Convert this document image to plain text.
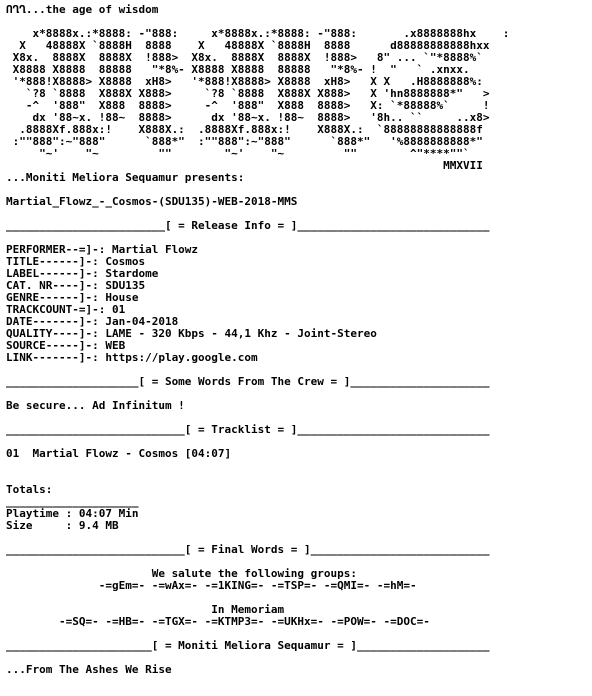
ՈՂՂ...the age of wisdom

x*8888x.:*8888: -"888:     x*8888x.:*8888: -"888:       .x8888888hx    :
X   48888X `8888H  8888    X   48888X `8888H  8888      d88888888888hxx
X8x.  8888X  8888X  !888>  X8x.  8888X  8888X  !888>   8" ... `"*8888%`
X8888 X8888  88888   "*8%- X8888 X8888  88888   "*8%- !  "   ` .xnxx.
'*888!X8888> X8888  xH8>   '*888!X8888> X8888  xH8>   X X   .H8888888%:
`?8 `8888  X888X X888>     `?8 `8888  X888X X888>   X 'hn8888888*"   >
-^  '888"  X888  8888>     -^  '888"  X888  8888>   X: `*88888%`     !
dx '88~x. !88~  8888>      dx '88~x. !88~  8888>   '8h.. ``     ..x8>
.8888Xf.888x:!    X888X.:  .8888Xf.888x:!    X888X.:  `88888888888888f
:""888":~"888"      `888*"  :""888":~"888"      `888*"   '%8888888888*"
"~'    "~         ""        "~'    "~         ""        ^"****""`
MMXVII
...Moniti Meliora Sequamur presents:

Martial_Flowz_-_Cosmos-(SDU135)-WEB-2018-MMS

________________________[ = Release Info = ]_____________________________

PERFORMER--=]-: Martial Flowz
TITLE------]-: Cosmos
LABEL------]-: Stardome
CAT. NR----]-: SDU135
GENRE------]-: House
TRACKCOUNT-=]-: 01
DATE-------]-: Jan-04-2018
QUALITY----]-: LAME - 320 Kbps - 44,1 Khz - Joint-Stereo
SOURCE-----]-: WEB
LINK-------]-: https://play.google.com

____________________[ = Some Words From The Crew = ]_____________________

Be secure... Ad Infinitum !

___________________________[ = Tracklist = ]_____________________________

01  Martial Flowz - Cosmos [04:07]

Totals:
____________________
Playtime : 04:07 Min
Size     : 9.4 MB

___________________________[ = Final Words = ]___________________________

We salute the following groups:
-=gEm=- -=wAx=- -=1KING=- -=TSP=- -=QMI=- -=hM=-

In Memoriam
-=SQ=- -=HB=- -=TGX=- -=KTMP3=- -=UKHx=- -=POW=- -=DOC=-

______________________[ = Moniti Meliora Sequamur = ]____________________

...From The Ashes We Rise
